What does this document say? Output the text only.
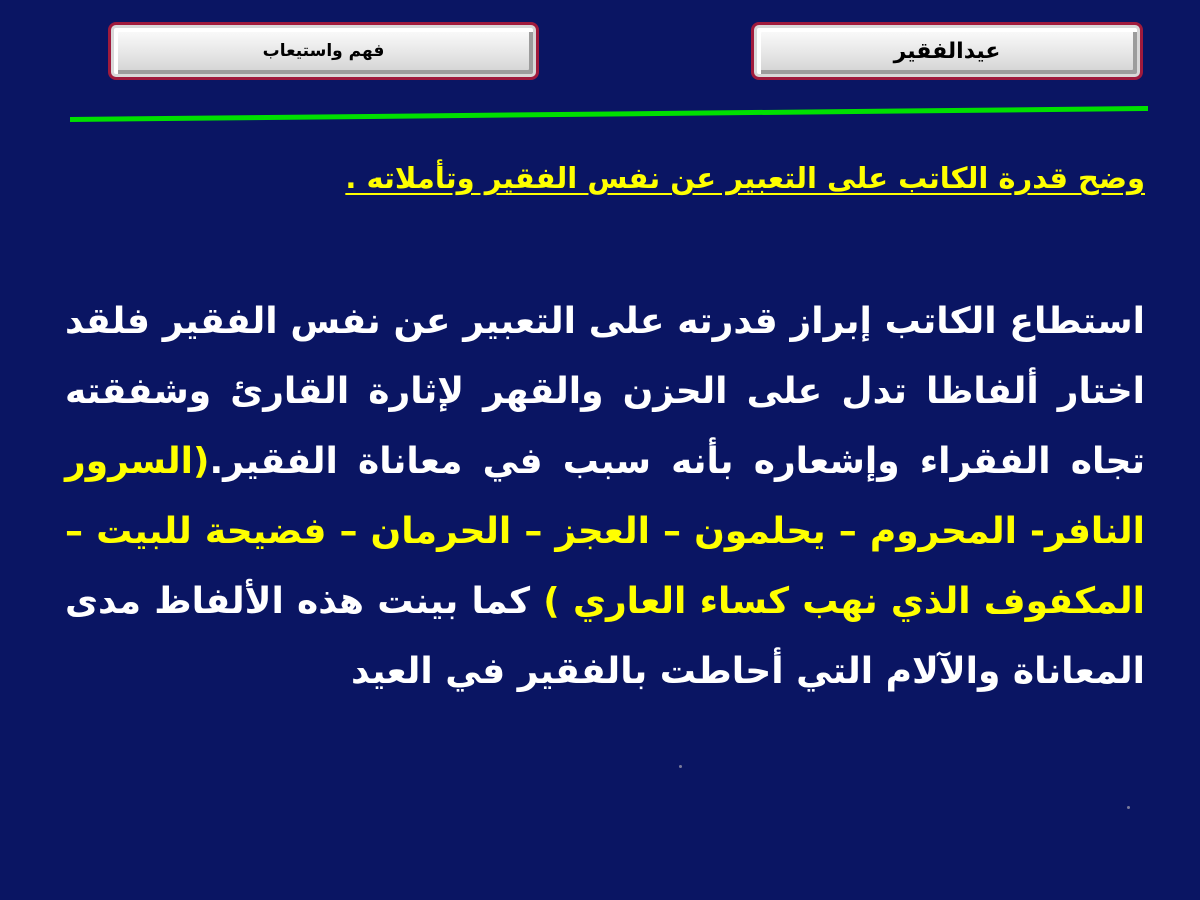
عيدالفقير
فهم واستيعاب
وضح قدرة الكاتب على التعبير عن نفس الفقير وتأملاته .
استطاع الكاتب إبراز قدرته على التعبير عن نفس الفقير فلقد اختار ألفاظا تدل على الحزن والقهر لإثارة القارئ وشفقته تجاه الفقراء وإشعاره بأنه سبب في معاناة الفقير.(السرور النافر- المحروم – يحلمون – العجز – الحرمان – فضيحة للبيت – المكفوف الذي نهب كساء العاري ) كما بينت هذه الألفاظ مدى المعاناة والآلام التي أحاطت بالفقير في العيد
